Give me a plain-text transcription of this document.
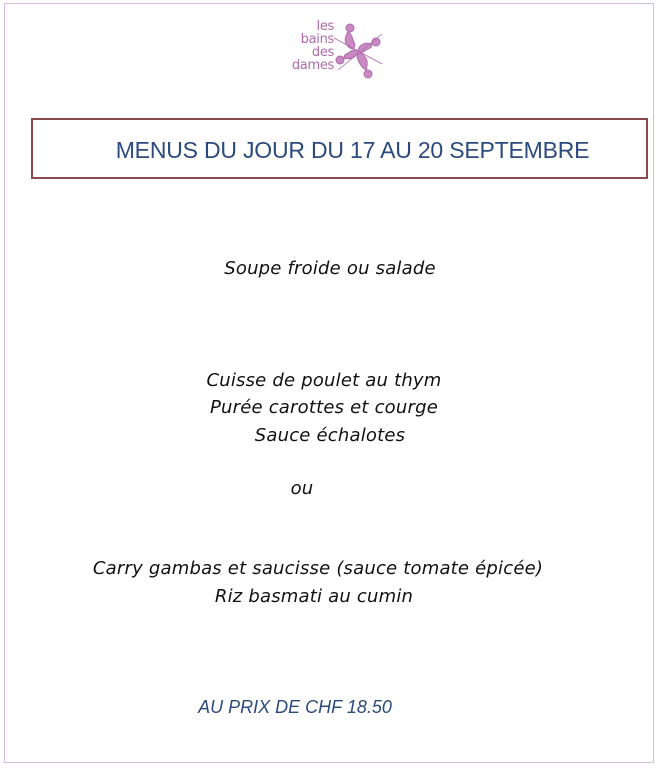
les
bains
des
dames
MENUS DU JOUR DU 17 AU 20 SEPTEMBRE
Soupe froide ou salade
Cuisse de poulet au thym
Purée carottes et courge
Sauce échalotes
ou
Carry gambas et saucisse (sauce tomate épicée)
Riz basmati au cumin
AU PRIX DE CHF 18.50
